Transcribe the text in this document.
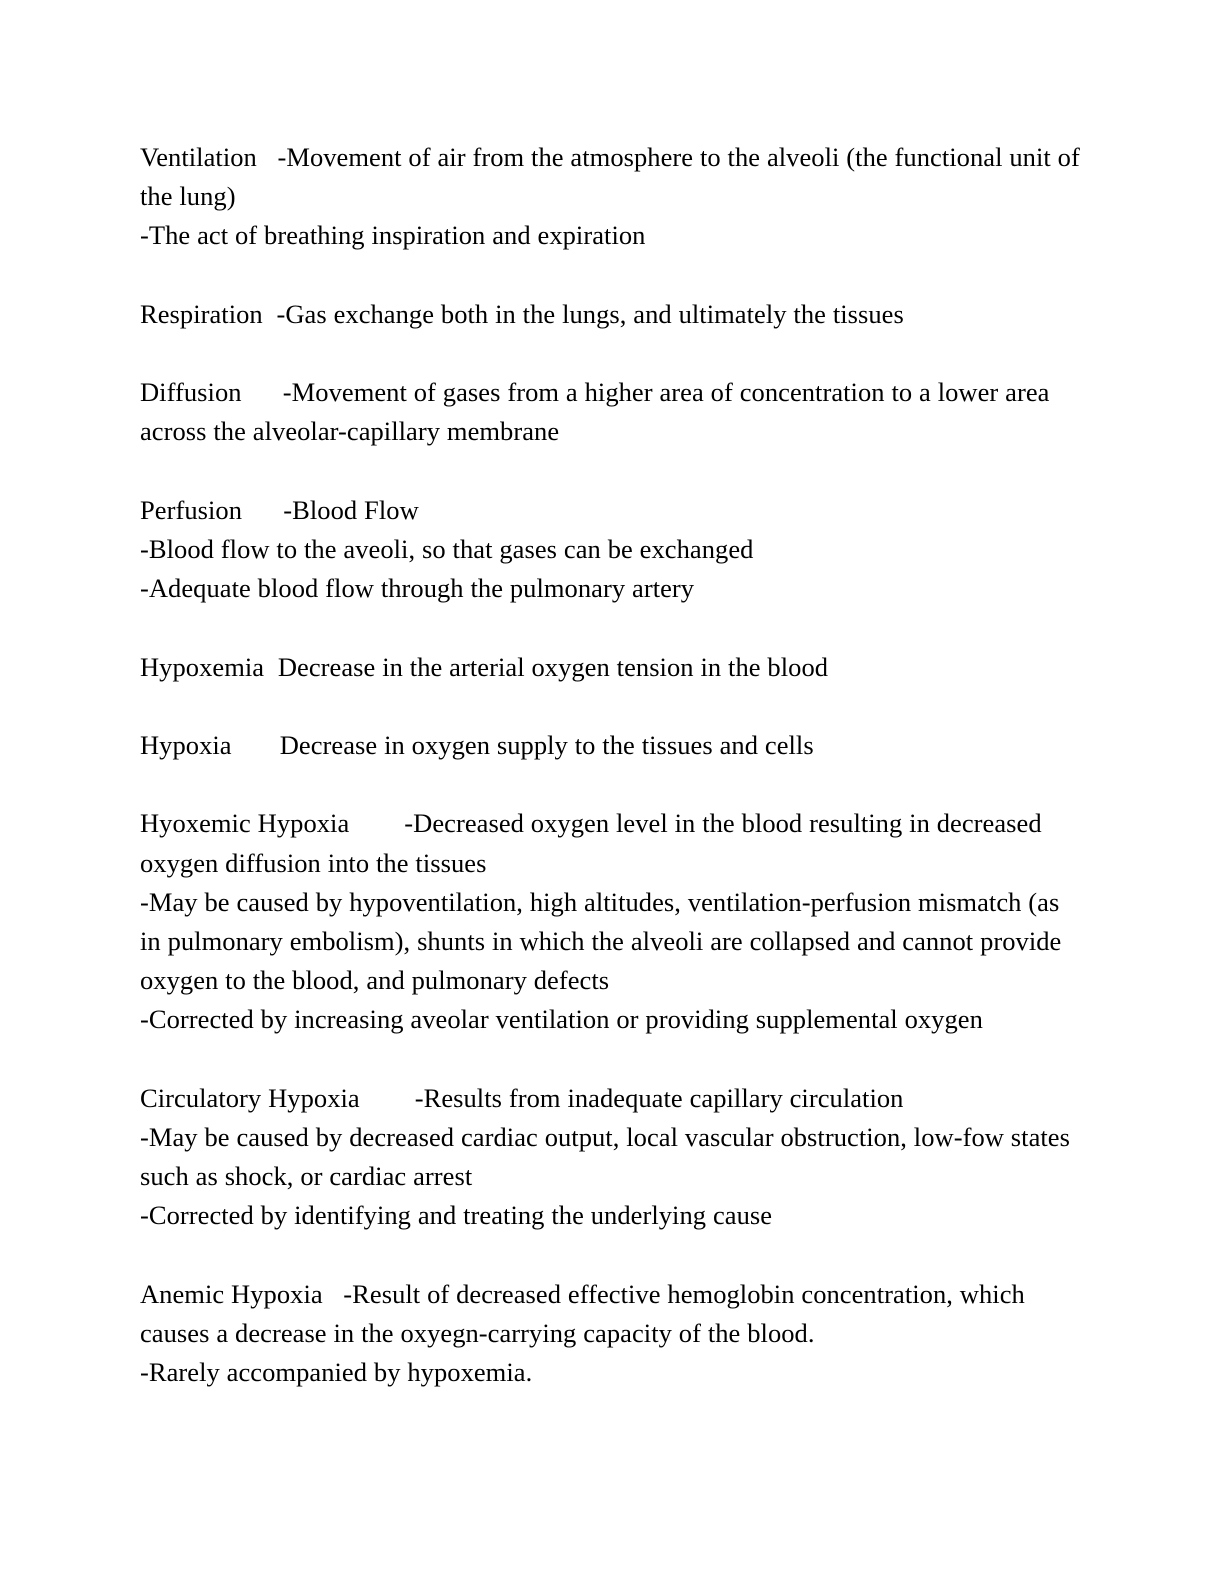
Ventilation   -Movement of air from the atmosphere to the alveoli (the functional unit of the lung)

-The act of breathing inspiration and expiration

Respiration  -Gas exchange both in the lungs, and ultimately the tissues

Diffusion      -Movement of gases from a higher area of concentration to a lower area across the alveolar-capillary membrane

Perfusion      -Blood Flow

-Blood flow to the aveoli, so that gases can be exchanged

-Adequate blood flow through the pulmonary artery

Hypoxemia  Decrease in the arterial oxygen tension in the blood

Hypoxia       Decrease in oxygen supply to the tissues and cells

Hyoxemic Hypoxia        -Decreased oxygen level in the blood resulting in decreased oxygen diffusion into the tissues

-May be caused by hypoventilation, high altitudes, ventilation-perfusion mismatch (as in pulmonary embolism), shunts in which the alveoli are collapsed and cannot provide oxygen to the blood, and pulmonary defects

-Corrected by increasing aveolar ventilation or providing supplemental oxygen

Circulatory Hypoxia        -Results from inadequate capillary circulation

-May be caused by decreased cardiac output, local vascular obstruction, low-fow states such as shock, or cardiac arrest

-Corrected by identifying and treating the underlying cause

Anemic Hypoxia   -Result of decreased effective hemoglobin concentration, which causes a decrease in the oxyegn-carrying capacity of the blood.

-Rarely accompanied by hypoxemia.
